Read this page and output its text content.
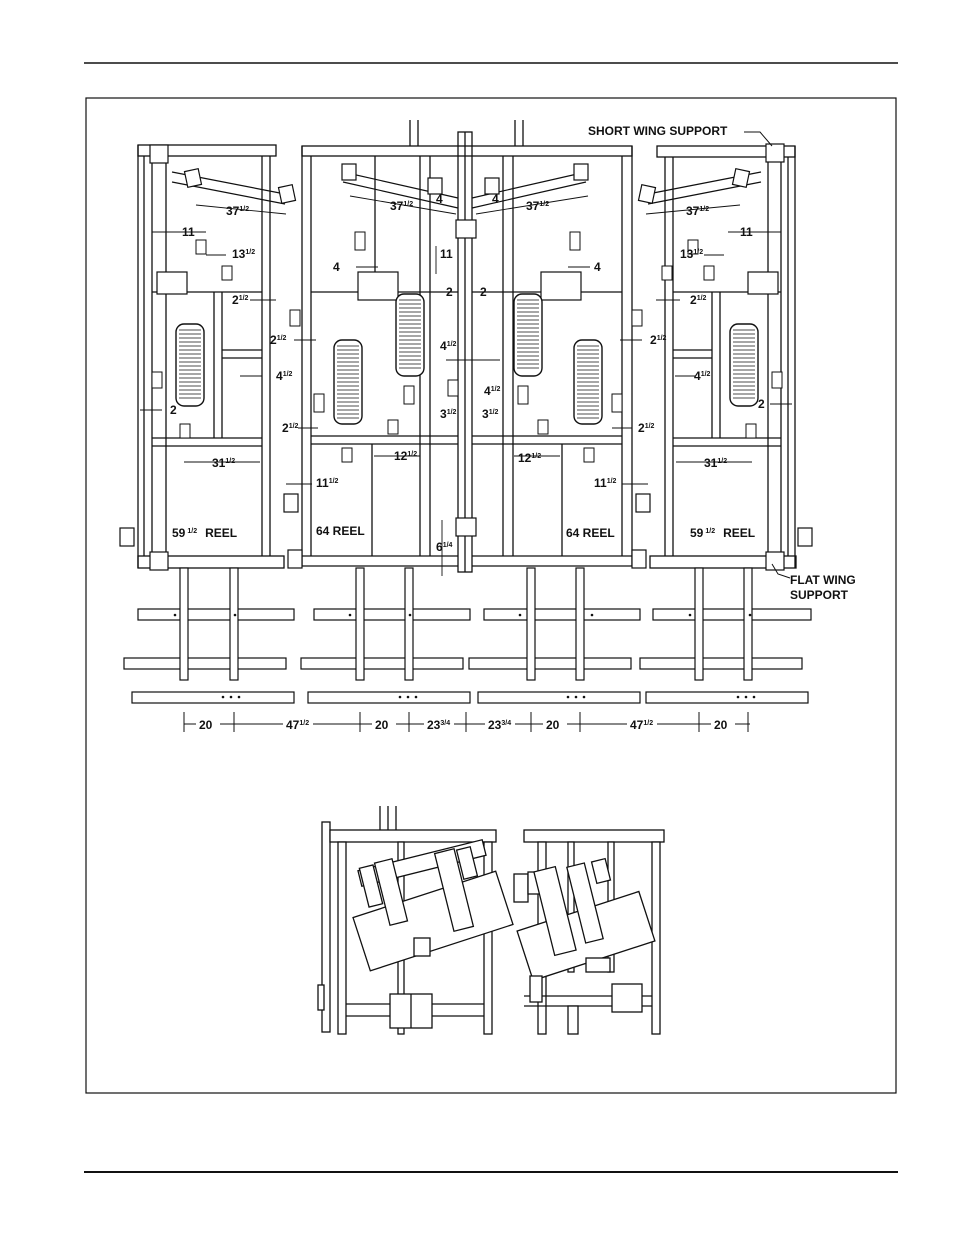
20	$47^{1/2}$	20	$23^{3/4}$	$23^{3/4}$	20	$47^{1/2}$	20
SHORT WING SUPPORT
FLAT WING
SUPPORT
59 $^{1/2}$ REEL	64 REEL	64 REEL	59 $^{1/2}$ REEL
$37^{1/2}$	$37^{1/2}$	$37^{1/2}$	$37^{1/2}$
4	4
11	11
$13^{1/2}$	$13^{1/2}$
4	4
11
2 2
$2^{1/2}$	$2^{1/2}$
$2^{1/2}$	$2^{1/2}$
$4^{1/2}$
$4^{1/2}$
$4^{1/2}$	$4^{1/2}$
2	2
$2^{1/2}$	$2^{1/2}$
$3^{1/2}$ $3^{1/2}$
$12^{1/2}$	$12^{1/2}$
$31^{1/2}$	$31^{1/2}$
$11^{1/2}$	$11^{1/2}$
$6^{1/4}$
